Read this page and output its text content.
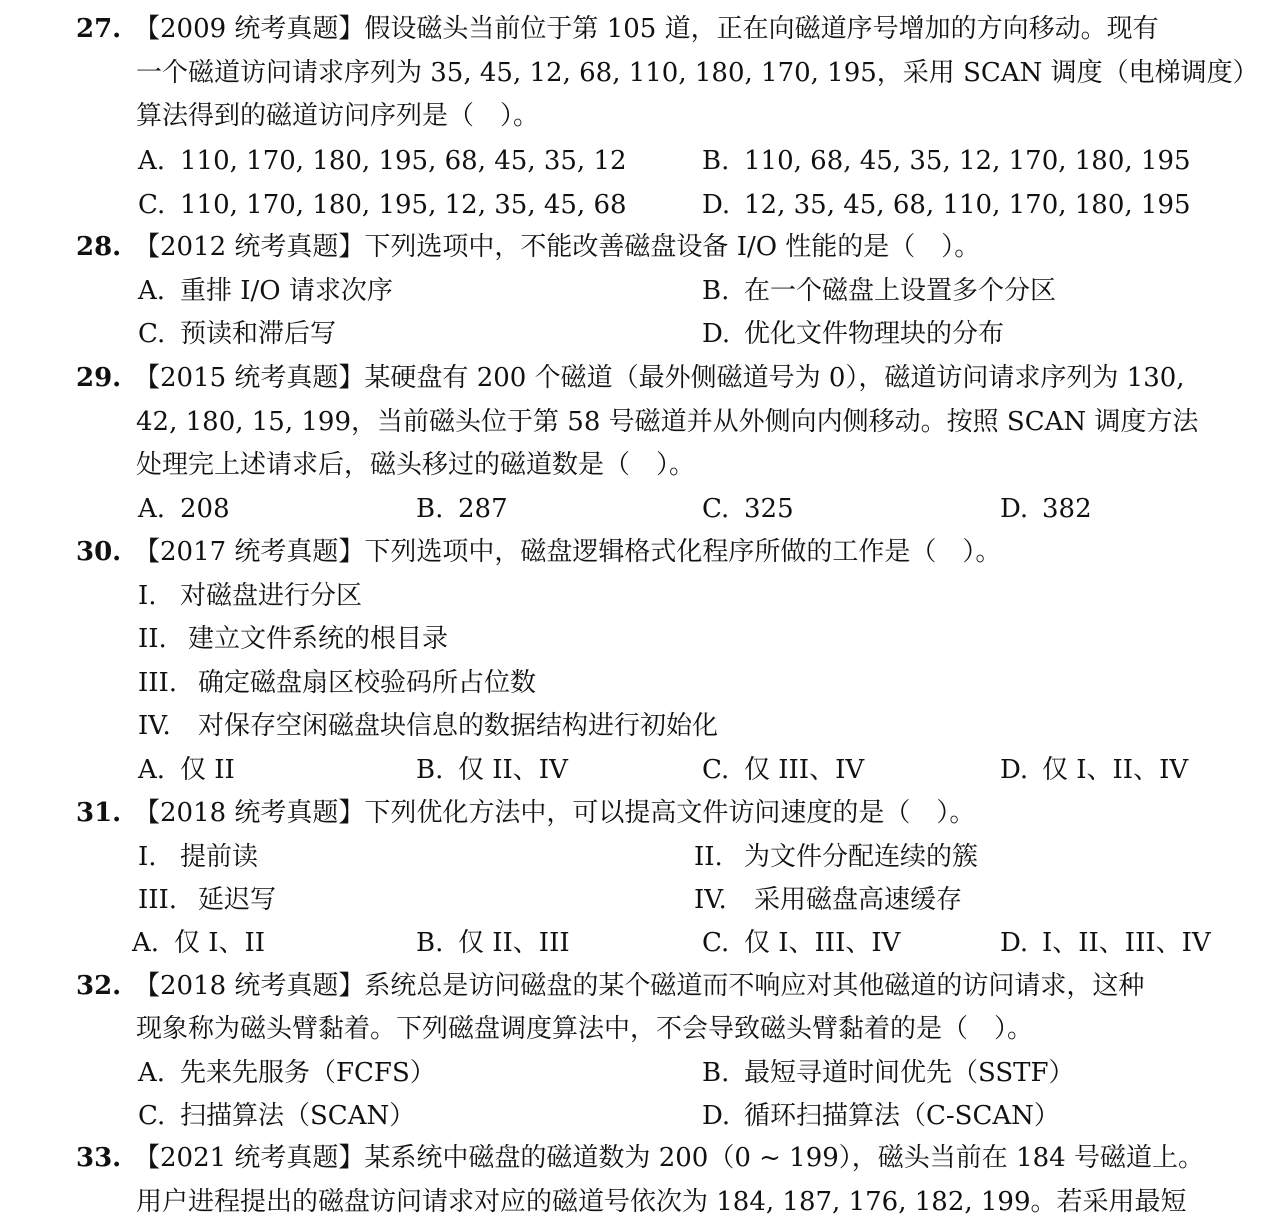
27. 【2009 统考真题】假设磁头当前位于第 105 道，正在向磁道序号增加的方向移动。现有
一个磁道访问请求序列为 35, 45, 12, 68, 110, 180, 170, 195，采用 SCAN 调度（电梯调度）
算法得到的磁道访问序列是（　）。
A. 110, 170, 180, 195, 68, 45, 35, 12	B. 110, 68, 45, 35, 12, 170, 180, 195
C. 110, 170, 180, 195, 12, 35, 45, 68	D. 12, 35, 45, 68, 110, 170, 180, 195
28. 【2012 统考真题】下列选项中，不能改善磁盘设备 I/O 性能的是（　）。
A. 重排 I/O 请求次序	B. 在一个磁盘上设置多个分区
C. 预读和滞后写	D. 优化文件物理块的分布
29. 【2015 统考真题】某硬盘有 200 个磁道（最外侧磁道号为 0），磁道访问请求序列为 130,
42, 180, 15, 199，当前磁头位于第 58 号磁道并从外侧向内侧移动。按照 SCAN 调度方法
处理完上述请求后，磁头移过的磁道数是（　）。
A. 208	B. 287	C. 325	D. 382
30. 【2017 统考真题】下列选项中，磁盘逻辑格式化程序所做的工作是（　）。
I. 对磁盘进行分区
II. 建立文件系统的根目录
III. 确定磁盘扇区校验码所占位数
IV. 对保存空闲磁盘块信息的数据结构进行初始化
A. 仅 II	B. 仅 II、IV	C. 仅 III、IV	D. 仅 I、II、IV
31. 【2018 统考真题】下列优化方法中，可以提高文件访问速度的是（　）。
I. 提前读	II. 为文件分配连续的簇
III. 延迟写	IV. 采用磁盘高速缓存
A. 仅 I、II	B. 仅 II、III	C. 仅 I、III、IV	D. I、II、III、IV
32. 【2018 统考真题】系统总是访问磁盘的某个磁道而不响应对其他磁道的访问请求，这种
现象称为磁头臂黏着。下列磁盘调度算法中，不会导致磁头臂黏着的是（　）。
A. 先来先服务（FCFS）	B. 最短寻道时间优先（SSTF）
C. 扫描算法（SCAN）	D. 循环扫描算法（C-SCAN）
33. 【2021 统考真题】某系统中磁盘的磁道数为 200（0 ~ 199），磁头当前在 184 号磁道上。
用户进程提出的磁盘访问请求对应的磁道号依次为 184, 187, 176, 182, 199。若采用最短
